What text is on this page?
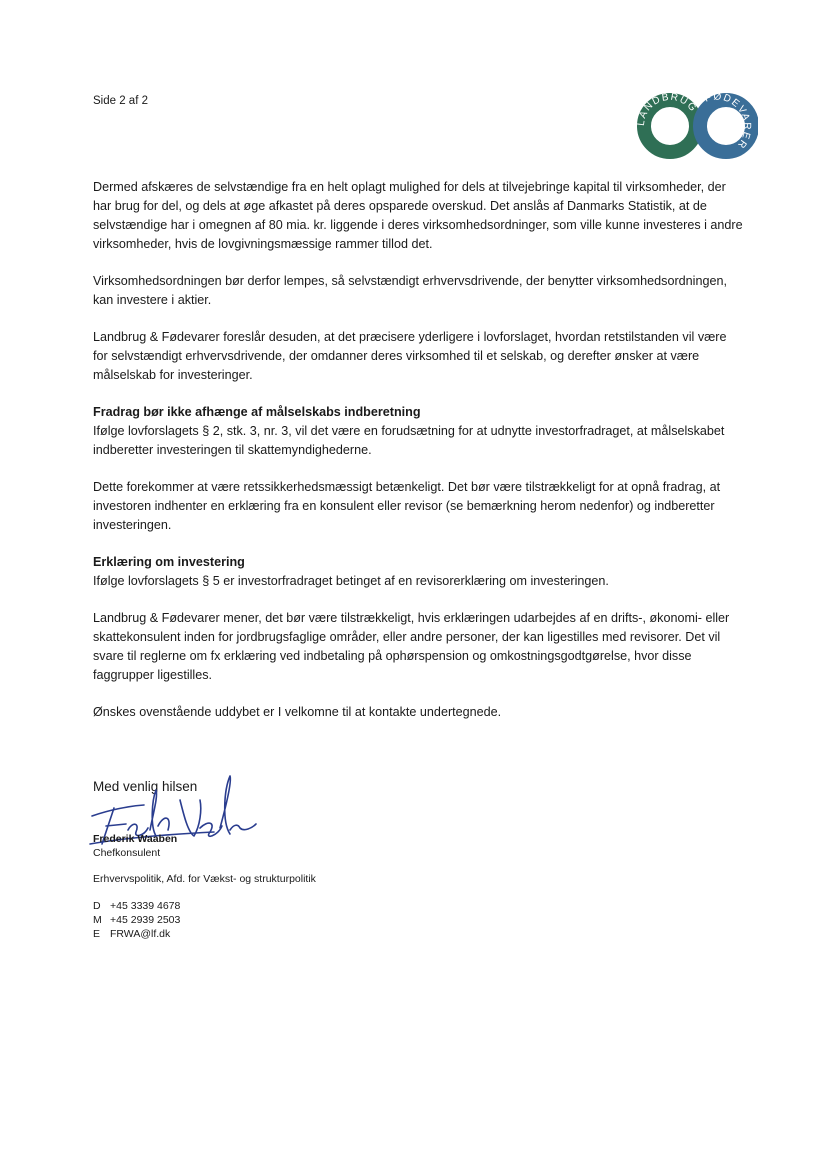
Side 2 af 2
LANDBRUG
FØDEVARER

Dermed afskæres de selvstændige fra en helt oplagt mulighed for dels at tilvejebringe kapital til virksomheder, der har brug for del, og dels at øge afkastet på deres opsparede overskud. Det anslås af Danmarks Statistik, at de selvstændige har i omegnen af 80 mia. kr. liggende i deres virksomhedsordninger, som ville kunne investeres i andre virksomheder, hvis de lovgivningsmæssige rammer tillod det.

Virksomhedsordningen bør derfor lempes, så selvstændigt erhvervsdrivende, der benytter virksomhedsordningen, kan investere i aktier.

Landbrug & Fødevarer foreslår desuden, at det præcisere yderligere i lovforslaget, hvordan retstilstanden vil være for selvstændigt erhvervsdrivende, der omdanner deres virksomhed til et selskab, og derefter ønsker at være målselskab for investeringer.

Fradrag bør ikke afhænge af målselskabs indberetning

Ifølge lovforslagets § 2, stk. 3, nr. 3, vil det være en forudsætning for at udnytte investorfradraget, at målselskabet indberetter investeringen til skattemyndighederne.

Dette forekommer at være retssikkerhedsmæssigt betænkeligt. Det bør være tilstrækkeligt for at opnå fradrag, at investoren indhenter en erklæring fra en konsulent eller revisor (se bemærkning herom nedenfor) og indberetter investeringen.

Erklæring om investering

Ifølge lovforslagets § 5 er investorfradraget betinget af en revisorerklæring om investeringen.

Landbrug & Fødevarer mener, det bør være tilstrækkeligt, hvis erklæringen udarbejdes af en drifts-, økonomi- eller skattekonsulent inden for jordbrugsfaglige områder, eller andre personer, der kan ligestilles med revisorer. Det vil svare til reglerne om fx erklæring ved indbetaling på ophørspension og omkostningsgodtgørelse, hvor disse faggrupper ligestilles.

Ønskes ovenstående uddybet er I velkomne til at kontakte undertegnede.

Med venlig hilsen
Frederik Waaben
Chefkonsulent
Erhvervspolitik, Afd. for Vækst- og strukturpolitik
D +45 3339 4678
M +45 2939 2503
E FRWA@lf.dk
